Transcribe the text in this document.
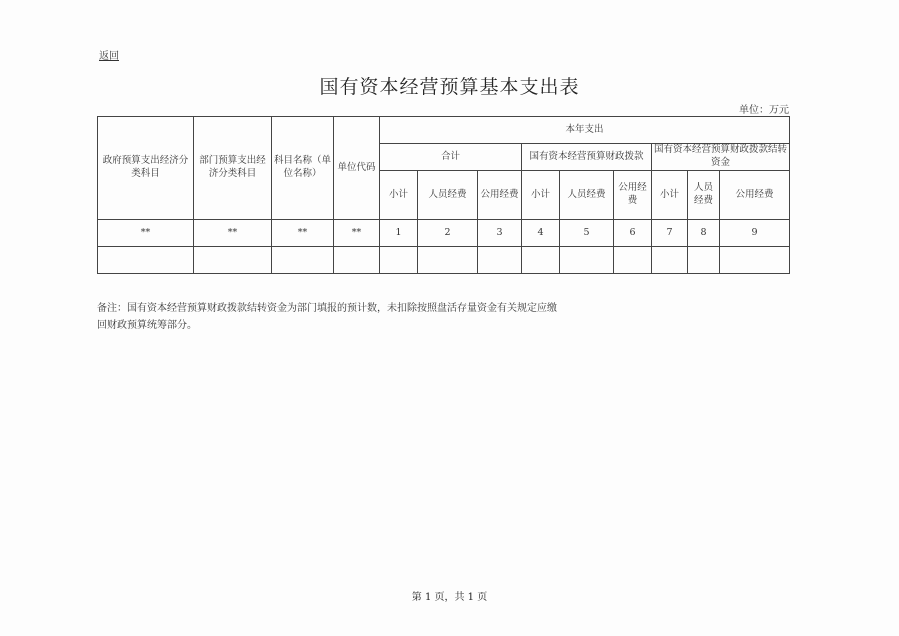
返回
国有资本经营预算基本支出表
单位：万元
政府预算支出经济分类科目	部门预算支出经济分类科目	科目名称（单位名称）	单位代码	本年支出								
				合计			国有资本经营预算财政拨款			国有资本经营预算财政拨款结转资金		
				小计	人员经费	公用经费	小计	人员经费	公用经费	小计	人员经费	公用经费
**	**	**	**	1	2	3	4	5	6	7	8	9

备注：国有资本经营预算财政拨款结转资金为部门填报的预计数，未扣除按照盘活存量资金有关规定应缴回财政预算统筹部分。
第 1 页，共 1 页
